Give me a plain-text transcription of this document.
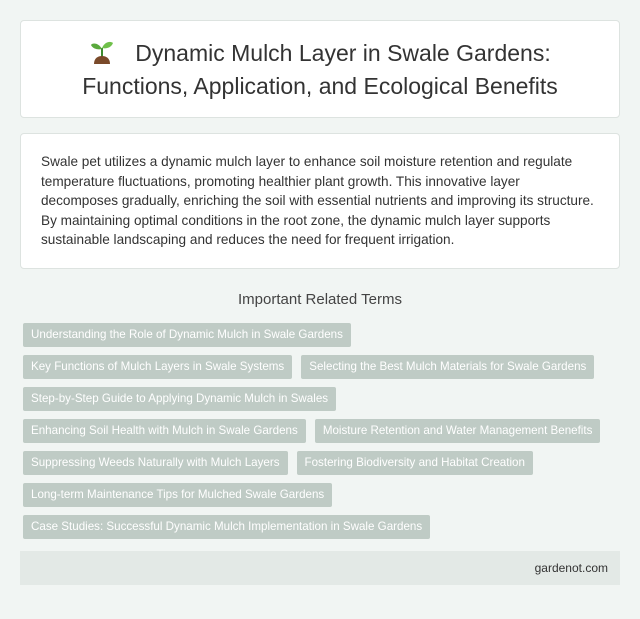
Dynamic Mulch Layer in Swale Gardens: Functions, Application, and Ecological Benefits

Swale pet utilizes a dynamic mulch layer to enhance soil moisture retention and regulate temperature fluctuations, promoting healthier plant growth. This innovative layer decomposes gradually, enriching the soil with essential nutrients and improving its structure. By maintaining optimal conditions in the root zone, the dynamic mulch layer supports sustainable landscaping and reduces the need for frequent irrigation.

Important Related Terms
Understanding the Role of Dynamic Mulch in Swale Gardens
Key Functions of Mulch Layers in Swale Systems	Selecting the Best Mulch Materials for Swale Gardens
Step-by-Step Guide to Applying Dynamic Mulch in Swales
Enhancing Soil Health with Mulch in Swale Gardens	Moisture Retention and Water Management Benefits
Suppressing Weeds Naturally with Mulch Layers	Fostering Biodiversity and Habitat Creation
Long-term Maintenance Tips for Mulched Swale Gardens
Case Studies: Successful Dynamic Mulch Implementation in Swale Gardens
gardenot.com
